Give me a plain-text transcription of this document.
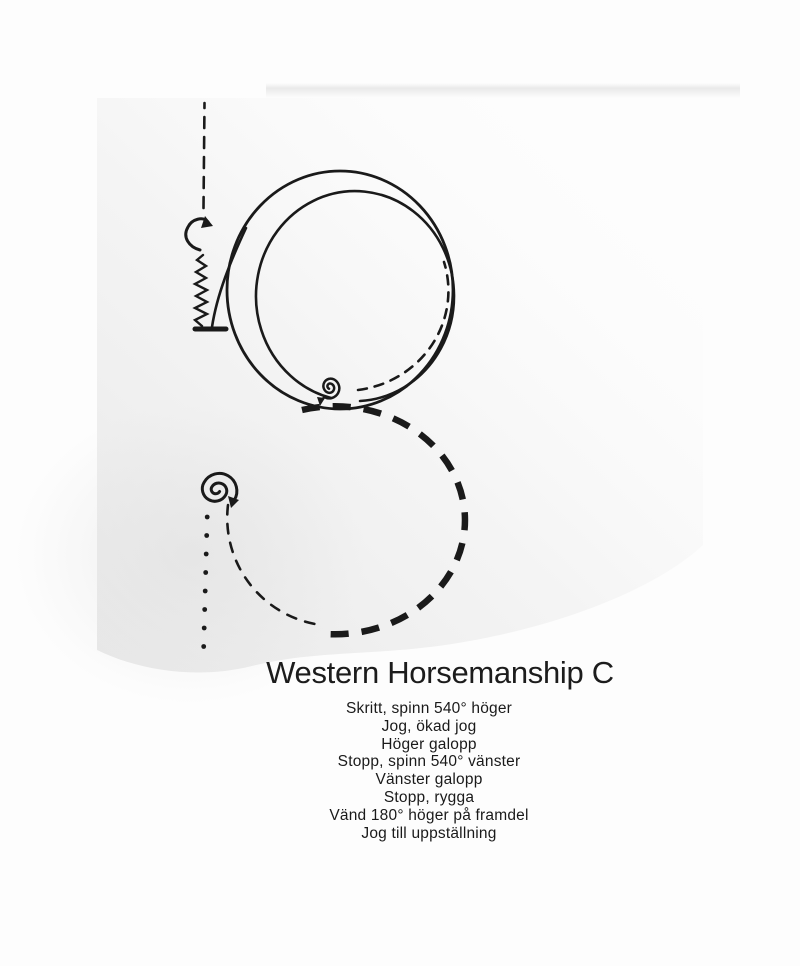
Western Horsemanship C
Skritt, spinn 540° höger
Jog, ökad jog
Höger galopp
Stopp, spinn 540° vänster
Vänster galopp
Stopp, rygga
Vänd 180° höger på framdel
Jog till uppställning
